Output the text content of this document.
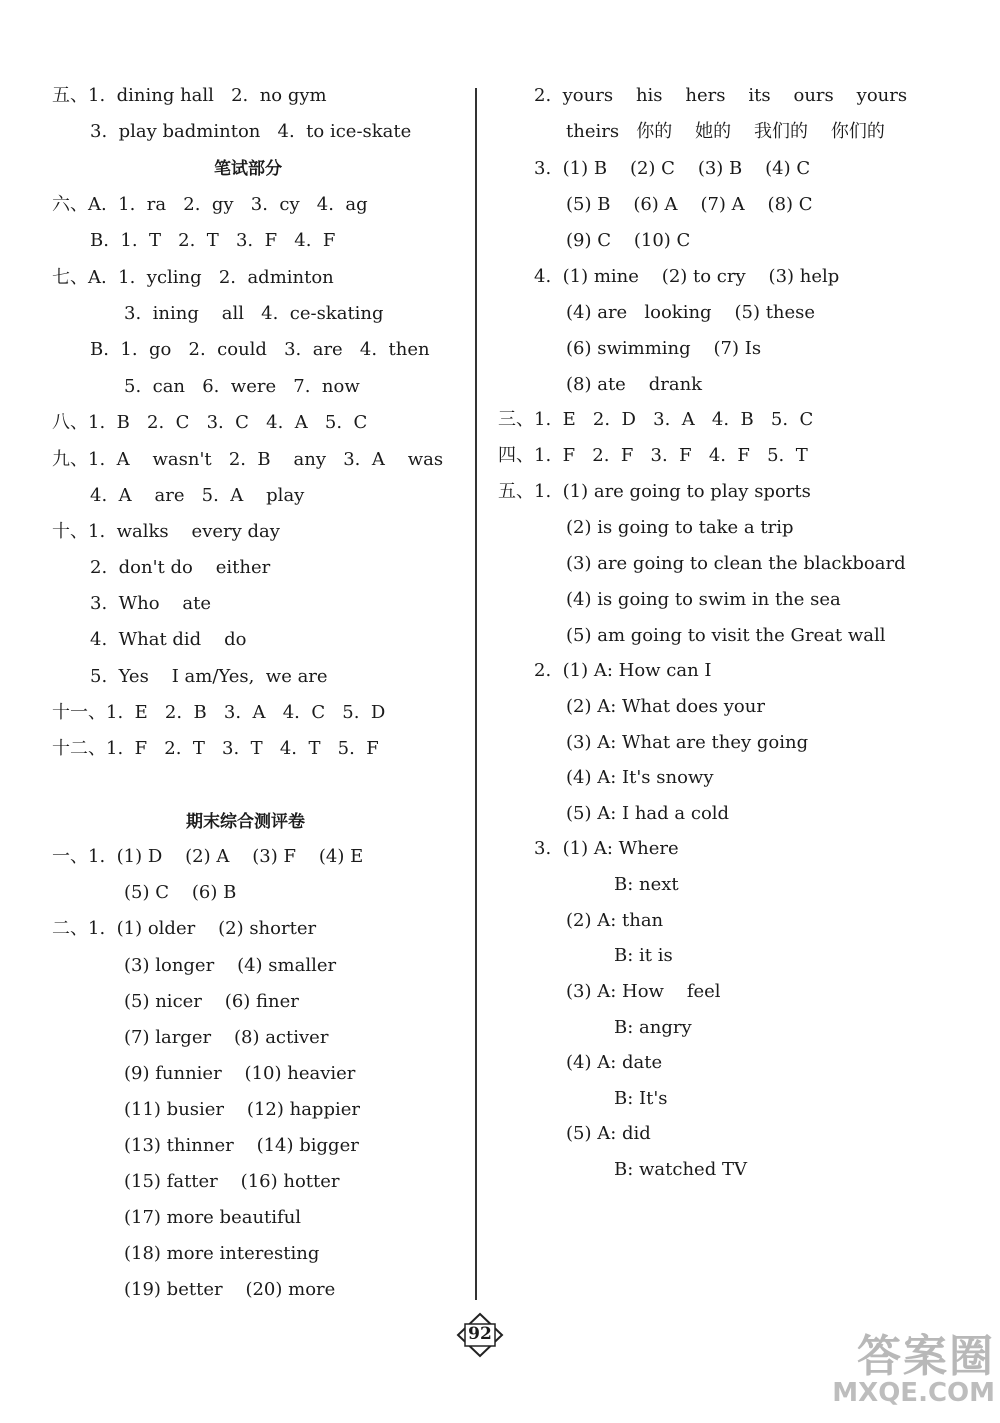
五、1.  dining hall   2.  no gym
3.  play badminton   4.  to ice-skate
笔试部分
六、A.  1.  ra   2.  gy   3.  cy   4.  ag
B.  1.  T   2.  T   3.  F   4.  F
七、A.  1.  ycling   2.  adminton
3.  ining    all   4.  ce-skating
B.  1.  go   2.  could   3.  are   4.  then
5.  can   6.  were   7.  now
八、1.  B   2.  C   3.  C   4.  A   5.  C
九、1.  A    wasn't   2.  B    any   3.  A    was
4.  A    are   5.  A    play
十、1.  walks    every day
2.  don't do    either
3.  Who    ate
4.  What did    do
5.  Yes    I am/Yes,  we are
十一、1.  E   2.  B   3.  A   4.  C   5.  D
十二、1.  F   2.  T   3.  T   4.  T   5.  F
期末综合测评卷
一、1.  (1) D    (2) A    (3) F    (4) E
(5) C    (6) B
二、1.  (1) older    (2) shorter
(3) longer    (4) smaller
(5) nicer    (6) finer
(7) larger    (8) activer
(9) funnier    (10) heavier
(11) busier    (12) happier
(13) thinner    (14) bigger
(15) fatter    (16) hotter
(17) more beautiful
(18) more interesting
(19) better    (20) more
2.  yours    his    hers    its    ours    yours
theirs   你的    她的    我们的    你们的
3.  (1) B    (2) C    (3) B    (4) C
(5) B    (6) A    (7) A    (8) C
(9) C    (10) C
4.  (1) mine    (2) to cry    (3) help
(4) are   looking    (5) these
(6) swimming    (7) Is
(8) ate    drank
三、1.  E   2.  D   3.  A   4.  B   5.  C
四、1.  F   2.  F   3.  F   4.  F   5.  T
五、1.  (1) are going to play sports
(2) is going to take a trip
(3) are going to clean the blackboard
(4) is going to swim in the sea
(5) am going to visit the Great wall
2.  (1) A: How can I
(2) A: What does your
(3) A: What are they going
(4) A: It's snowy
(5) A: I had a cold
3.  (1) A: Where
B: next
(2) A: than
B: it is
(3) A: How    feel
B: angry
(4) A: date
B: It's
(5) A: did
B: watched TV
92	答案圈
MXQE.COM
